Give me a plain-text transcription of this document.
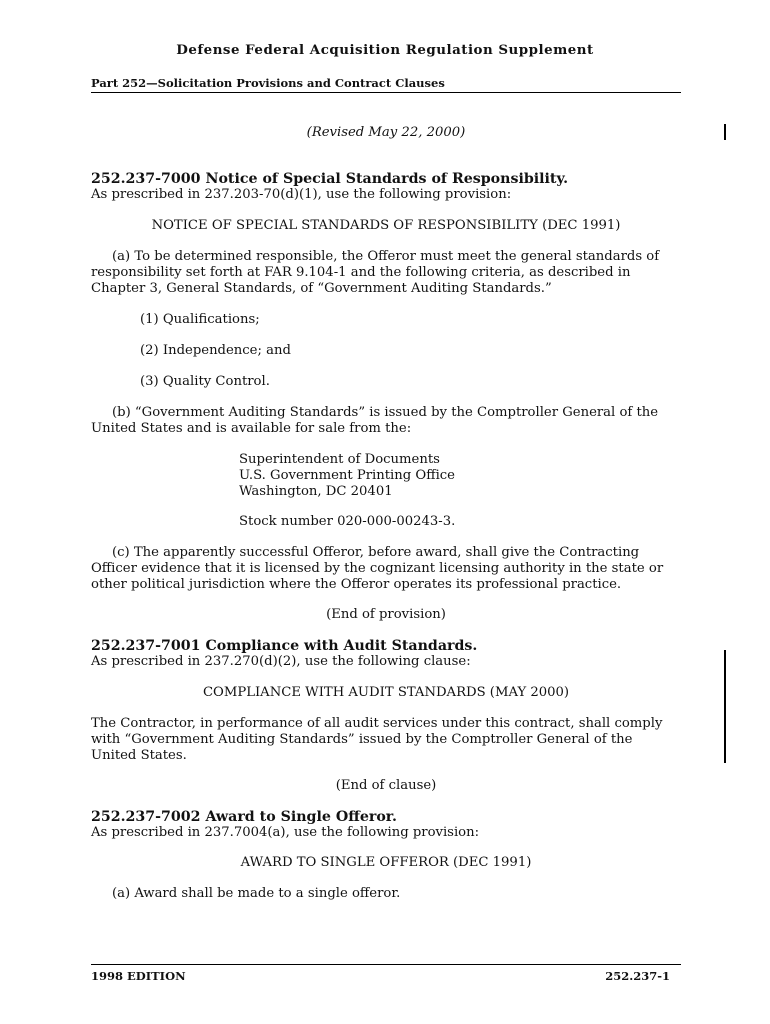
Defense Federal Acquisition Regulation Supplement
Part 252—Solicitation Provisions and Contract Clauses
(Revised May 22, 2000)
252.237-7000 Notice of Special Standards of Responsibility.
As prescribed in 237.203-70(d)(1), use the following provision:
NOTICE OF SPECIAL STANDARDS OF RESPONSIBILITY (DEC 1991)
(a) To be determined responsible, the Offeror must meet the general standards of
responsibility set forth at FAR 9.104-1 and the following criteria, as described in
Chapter 3, General Standards, of “Government Auditing Standards.”
(1) Qualifications;
(2) Independence; and
(3) Quality Control.
(b) “Government Auditing Standards” is issued by the Comptroller General of the
United States and is available for sale from the:
Superintendent of Documents
U.S. Government Printing Office
Washington, DC 20401
Stock number 020-000-00243-3.
(c) The apparently successful Offeror, before award, shall give the Contracting
Officer evidence that it is licensed by the cognizant licensing authority in the state or
other political jurisdiction where the Offeror operates its professional practice.
(End of provision)
252.237-7001 Compliance with Audit Standards.
As prescribed in 237.270(d)(2), use the following clause:
COMPLIANCE WITH AUDIT STANDARDS (MAY 2000)
The Contractor, in performance of all audit services under this contract, shall comply
with “Government Auditing Standards” issued by the Comptroller General of the
United States.
(End of clause)
252.237-7002 Award to Single Offeror.
As prescribed in 237.7004(a), use the following provision:
AWARD TO SINGLE OFFEROR (DEC 1991)
(a) Award shall be made to a single offeror.
1998 EDITION	252.237-1
